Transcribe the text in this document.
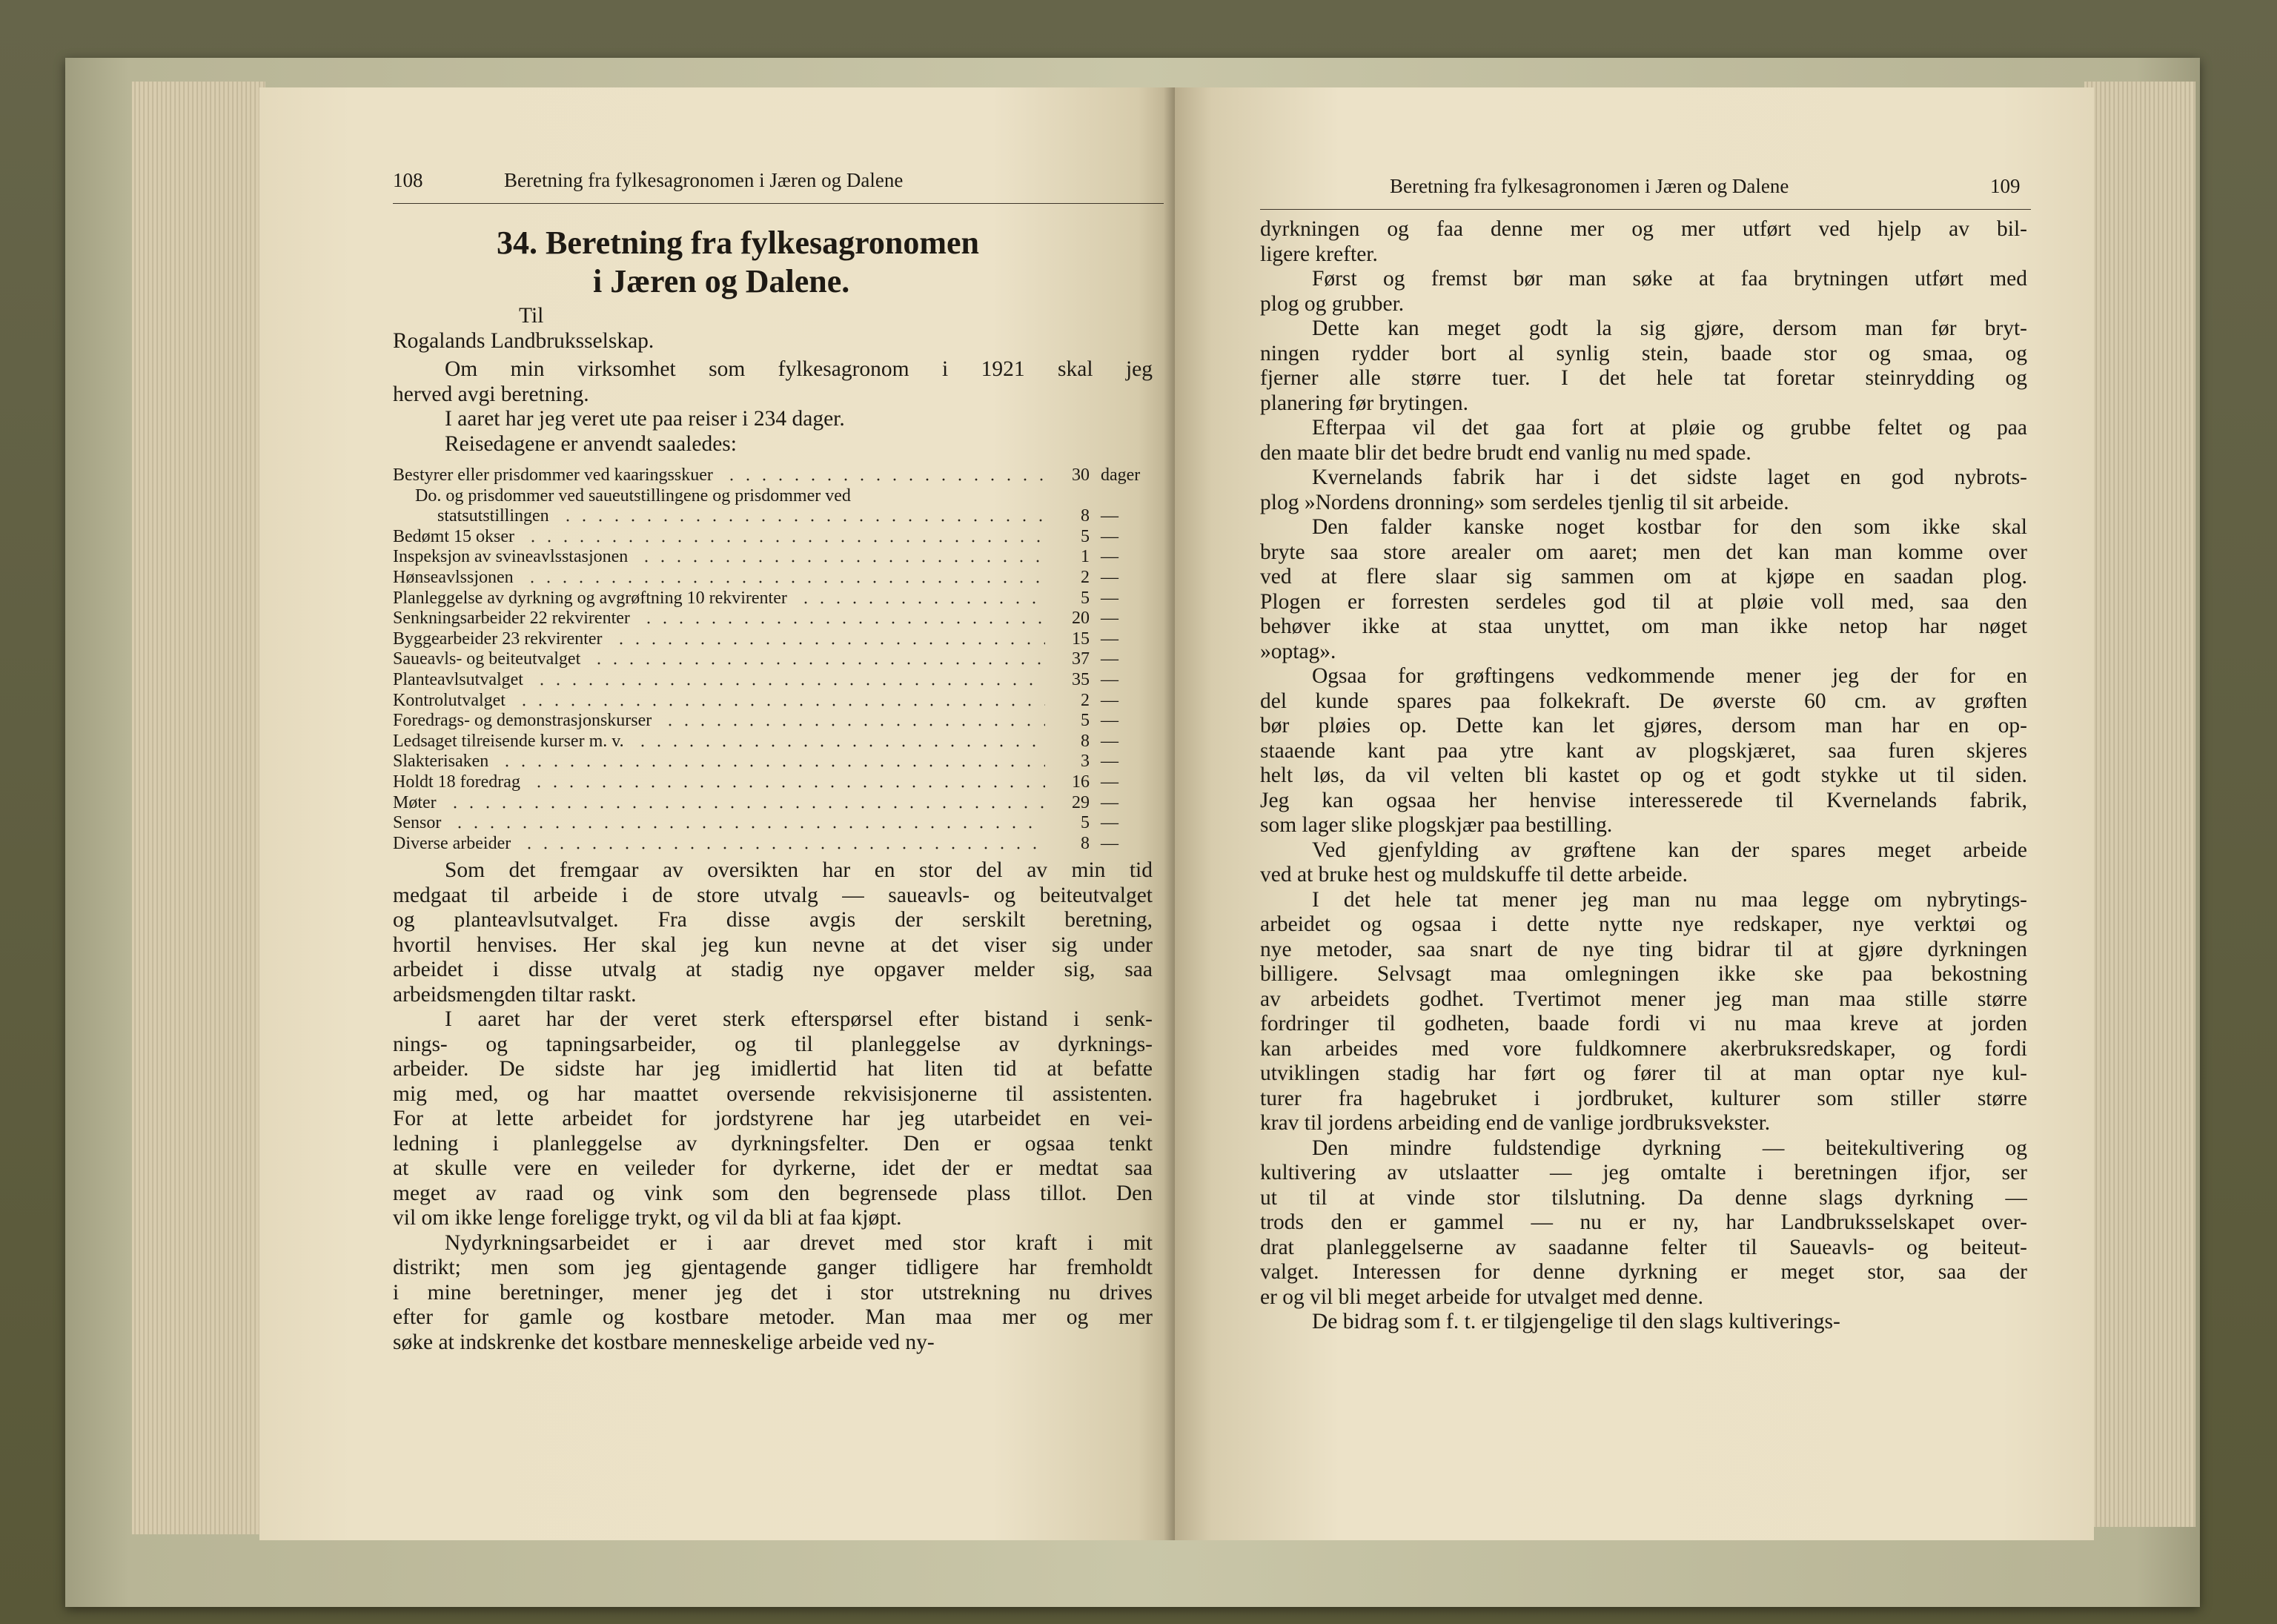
108	Beretning fra fylkesagronomen i Jæren og Dalene
34. Beretning fra fylkesagronomen
i Jæren og Dalene.
Til
Rogalands Landbruksselskap.
Om min virksomhet som fylkesagronom i 1921 skal jeg
herved avgi beretning.
I aaret har jeg veret ute paa reiser i 234 dager.
Reisedagene er anvendt saaledes:
Bestyrer eller prisdommer ved kaaringsskuer	30 dager
Do. og prisdommer ved saueutstillingene og prisdommer ved
statsutstillingen	8 —
Bedømt 15 okser	5 —
Inspeksjon av svineavlsstasjonen	1 —
Hønseavlssjonen	2 —
Planleggelse av dyrkning og avgrøftning 10 rekvirenter	5 —
Senkningsarbeider 22 rekvirenter	20 —
Byggearbeider 23 rekvirenter	15 —
Saueavls- og beiteutvalget	37 —
Planteavlsutvalget	35 —
Kontrolutvalget	2 —
Foredrags- og demonstrasjonskurser	5 —
Ledsaget tilreisende kurser m. v.	8 —
Slakterisaken	3 —
Holdt 18 foredrag	16 —
Møter	29 —
Sensor	5 —
Diverse arbeider	8 —
Som det fremgaar av oversikten har en stor del av min tid
medgaat til arbeide i de store utvalg — saueavls- og beiteutvalget
og planteavlsutvalget. Fra disse avgis der serskilt beretning,
hvortil henvises. Her skal jeg kun nevne at det viser sig under
arbeidet i disse utvalg at stadig nye opgaver melder sig, saa
arbeidsmengden tiltar raskt.
I aaret har der veret sterk efterspørsel efter bistand i senk-
nings- og tapningsarbeider, og til planleggelse av dyrknings-
arbeider. De sidste har jeg imidlertid hat liten tid at befatte
mig med, og har maattet oversende rekvisisjonerne til assistenten.
For at lette arbeidet for jordstyrene har jeg utarbeidet en vei-
ledning i planleggelse av dyrkningsfelter. Den er ogsaa tenkt
at skulle vere en veileder for dyrkerne, idet der er medtat saa
meget av raad og vink som den begrensede plass tillot. Den
vil om ikke lenge foreligge trykt, og vil da bli at faa kjøpt.
Nydyrkningsarbeidet er i aar drevet med stor kraft i mit
distrikt; men som jeg gjentagende ganger tidligere har fremholdt
i mine beretninger, mener jeg det i stor utstrekning nu drives
efter for gamle og kostbare metoder. Man maa mer og mer
søke at indskrenke det kostbare menneskelige arbeide ved ny-
Beretning fra fylkesagronomen i Jæren og Dalene	109
dyrkningen og faa denne mer og mer utført ved hjelp av bil-
ligere krefter.
Først og fremst bør man søke at faa brytningen utført med
plog og grubber.
Dette kan meget godt la sig gjøre, dersom man før bryt-
ningen rydder bort al synlig stein, baade stor og smaa, og
fjerner alle større tuer. I det hele tat foretar steinrydding og
planering før brytingen.
Efterpaa vil det gaa fort at pløie og grubbe feltet og paa
den maate blir det bedre brudt end vanlig nu med spade.
Kvernelands fabrik har i det sidste laget en god nybrots-
plog »Nordens dronning» som serdeles tjenlig til sit arbeide.
Den falder kanske noget kostbar for den som ikke skal
bryte saa store arealer om aaret; men det kan man komme over
ved at flere slaar sig sammen om at kjøpe en saadan plog.
Plogen er forresten serdeles god til at pløie voll med, saa den
behøver ikke at staa unyttet, om man ikke netop har nøget
»optag».
Ogsaa for grøftingens vedkommende mener jeg der for en
del kunde spares paa folkekraft. De øverste 60 cm. av grøften
bør pløies op. Dette kan let gjøres, dersom man har en op-
staaende kant paa ytre kant av plogskjæret, saa furen skjeres
helt løs, da vil velten bli kastet op og et godt stykke ut til siden.
Jeg kan ogsaa her henvise interesserede til Kvernelands fabrik,
som lager slike plogskjær paa bestilling.
Ved gjenfylding av grøftene kan der spares meget arbeide
ved at bruke hest og muldskuffe til dette arbeide.
I det hele tat mener jeg man nu maa legge om nybrytings-
arbeidet og ogsaa i dette nytte nye redskaper, nye verktøi og
nye metoder, saa snart de nye ting bidrar til at gjøre dyrkningen
billigere. Selvsagt maa omlegningen ikke ske paa bekostning
av arbeidets godhet. Tvertimot mener jeg man maa stille større
fordringer til godheten, baade fordi vi nu maa kreve at jorden
kan arbeides med vore fuldkomnere akerbruksredskaper, og fordi
utviklingen stadig har ført og fører til at man optar nye kul-
turer fra hagebruket i jordbruket, kulturer som stiller større
krav til jordens arbeiding end de vanlige jordbruksvekster.
Den mindre fuldstendige dyrkning — beitekultivering og
kultivering av utslaatter — jeg omtalte i beretningen ifjor, ser
ut til at vinde stor tilslutning. Da denne slags dyrkning —
trods den er gammel — nu er ny, har Landbruksselskapet over-
drat planleggelserne av saadanne felter til Saueavls- og beiteut-
valget. Interessen for denne dyrkning er meget stor, saa der
er og vil bli meget arbeide for utvalget med denne.
De bidrag som f. t. er tilgjengelige til den slags kultiverings-
